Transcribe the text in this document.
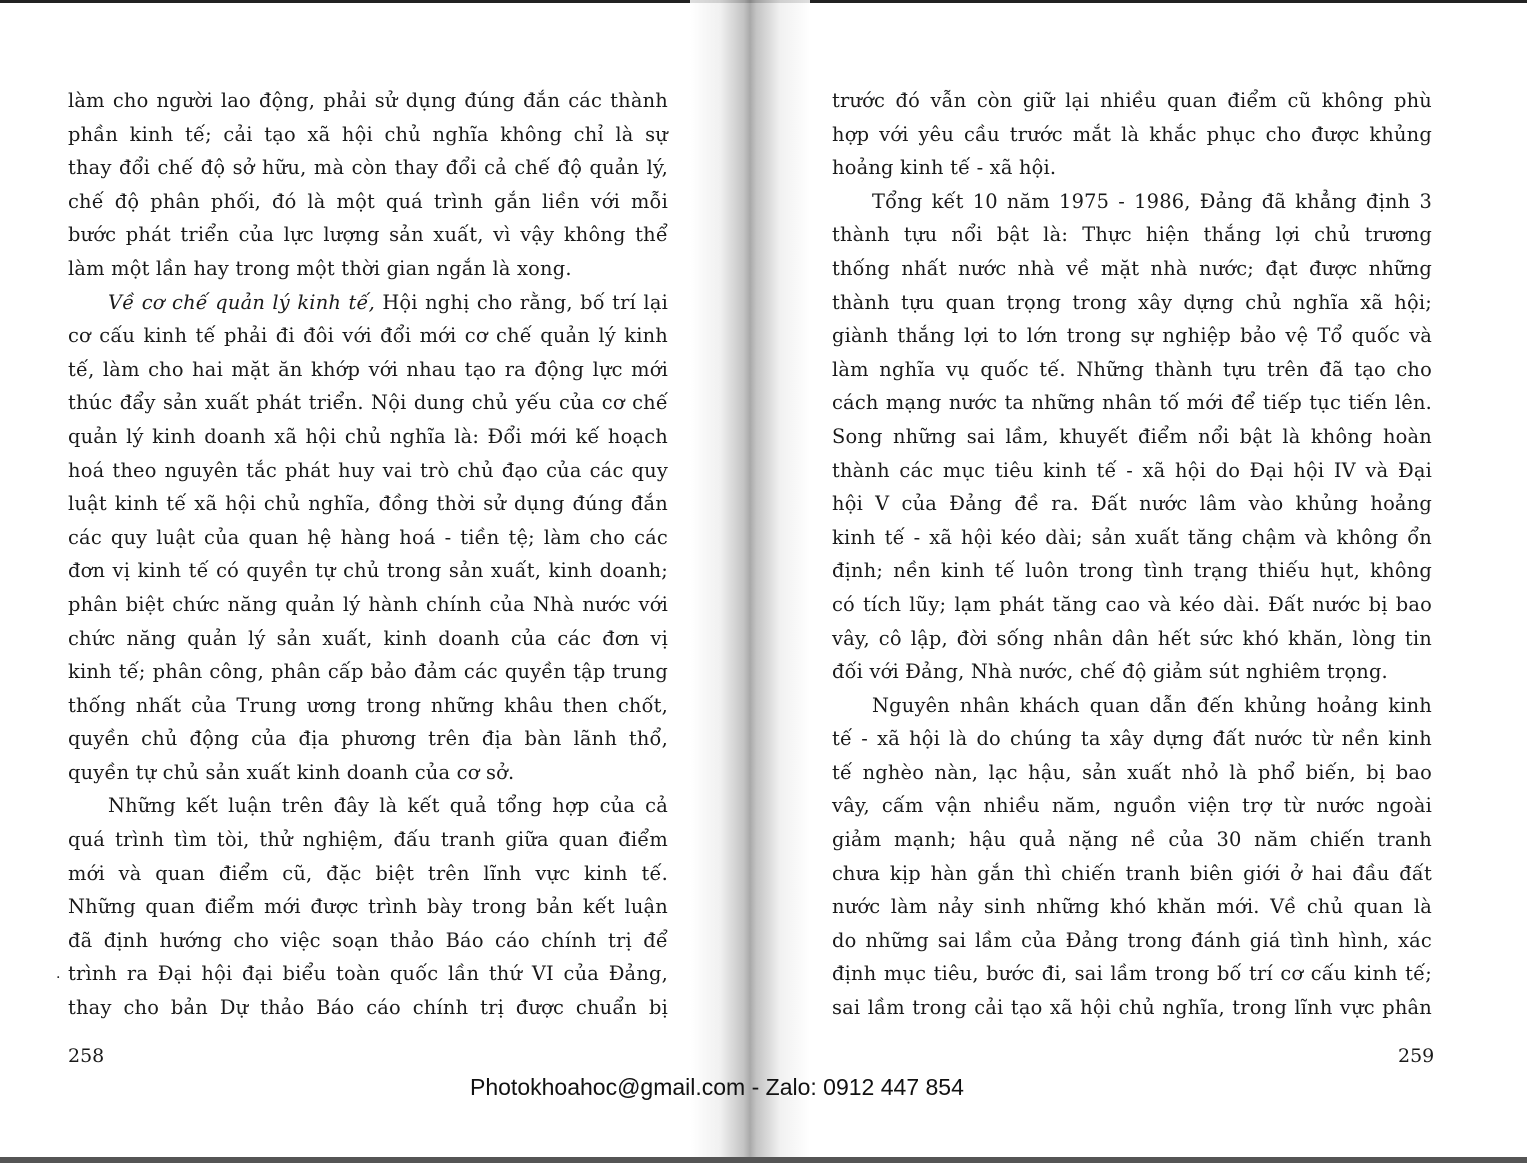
làm cho người lao động, phải sử dụng đúng đắn các thành

phần kinh tế; cải tạo xã hội chủ nghĩa không chỉ là sự

thay đổi chế độ sở hữu, mà còn thay đổi cả chế độ quản lý,

chế độ phân phối, đó là một quá trình gắn liền với mỗi

bước phát triển của lực lượng sản xuất, vì vậy không thể

làm một lần hay trong một thời gian ngắn là xong.

Về cơ chế quản lý kinh tế, Hội nghị cho rằng, bố trí lại

cơ cấu kinh tế phải đi đôi với đổi mới cơ chế quản lý kinh

tế, làm cho hai mặt ăn khớp với nhau tạo ra động lực mới

thúc đẩy sản xuất phát triển. Nội dung chủ yếu của cơ chế

quản lý kinh doanh xã hội chủ nghĩa là: Đổi mới kế hoạch

hoá theo nguyên tắc phát huy vai trò chủ đạo của các quy

luật kinh tế xã hội chủ nghĩa, đồng thời sử dụng đúng đắn

các quy luật của quan hệ hàng hoá - tiền tệ; làm cho các

đơn vị kinh tế có quyền tự chủ trong sản xuất, kinh doanh;

phân biệt chức năng quản lý hành chính của Nhà nước với

chức năng quản lý sản xuất, kinh doanh của các đơn vị

kinh tế; phân công, phân cấp bảo đảm các quyền tập trung

thống nhất của Trung ương trong những khâu then chốt,

quyền chủ động của địa phương trên địa bàn lãnh thổ,

quyền tự chủ sản xuất kinh doanh của cơ sở.

Những kết luận trên đây là kết quả tổng hợp của cả

quá trình tìm tòi, thử nghiệm, đấu tranh giữa quan điểm

mới và quan điểm cũ, đặc biệt trên lĩnh vực kinh tế.

Những quan điểm mới được trình bày trong bản kết luận

đã định hướng cho việc soạn thảo Báo cáo chính trị để

trình ra Đại hội đại biểu toàn quốc lần thứ VI của Đảng,

thay cho bản Dự thảo Báo cáo chính trị được chuẩn bị

.

trước đó vẫn còn giữ lại nhiều quan điểm cũ không phù

hợp với yêu cầu trước mắt là khắc phục cho được khủng

hoảng kinh tế - xã hội.

Tổng kết 10 năm 1975 - 1986, Đảng đã khẳng định 3

thành tựu nổi bật là: Thực hiện thắng lợi chủ trương

thống nhất nước nhà về mặt nhà nước; đạt được những

thành tựu quan trọng trong xây dựng chủ nghĩa xã hội;

giành thắng lợi to lớn trong sự nghiệp bảo vệ Tổ quốc và

làm nghĩa vụ quốc tế. Những thành tựu trên đã tạo cho

cách mạng nước ta những nhân tố mới để tiếp tục tiến lên.

Song những sai lầm, khuyết điểm nổi bật là không hoàn

thành các mục tiêu kinh tế - xã hội do Đại hội IV và Đại

hội V của Đảng đề ra. Đất nước lâm vào khủng hoảng

kinh tế - xã hội kéo dài; sản xuất tăng chậm và không ổn

định; nền kinh tế luôn trong tình trạng thiếu hụt, không

có tích lũy; lạm phát tăng cao và kéo dài. Đất nước bị bao

vây, cô lập, đời sống nhân dân hết sức khó khăn, lòng tin

đối với Đảng, Nhà nước, chế độ giảm sút nghiêm trọng.

Nguyên nhân khách quan dẫn đến khủng hoảng kinh

tế - xã hội là do chúng ta xây dựng đất nước từ nền kinh

tế nghèo nàn, lạc hậu, sản xuất nhỏ là phổ biến, bị bao

vây, cấm vận nhiều năm, nguồn viện trợ từ nước ngoài

giảm mạnh; hậu quả nặng nề của 30 năm chiến tranh

chưa kịp hàn gắn thì chiến tranh biên giới ở hai đầu đất

nước làm nảy sinh những khó khăn mới. Về chủ quan là

do những sai lầm của Đảng trong đánh giá tình hình, xác

định mục tiêu, bước đi, sai lầm trong bố trí cơ cấu kinh tế;

sai lầm trong cải tạo xã hội chủ nghĩa, trong lĩnh vực phân

258	259
Photokhoahoc@gmail.com - Zalo: 0912 447 854
